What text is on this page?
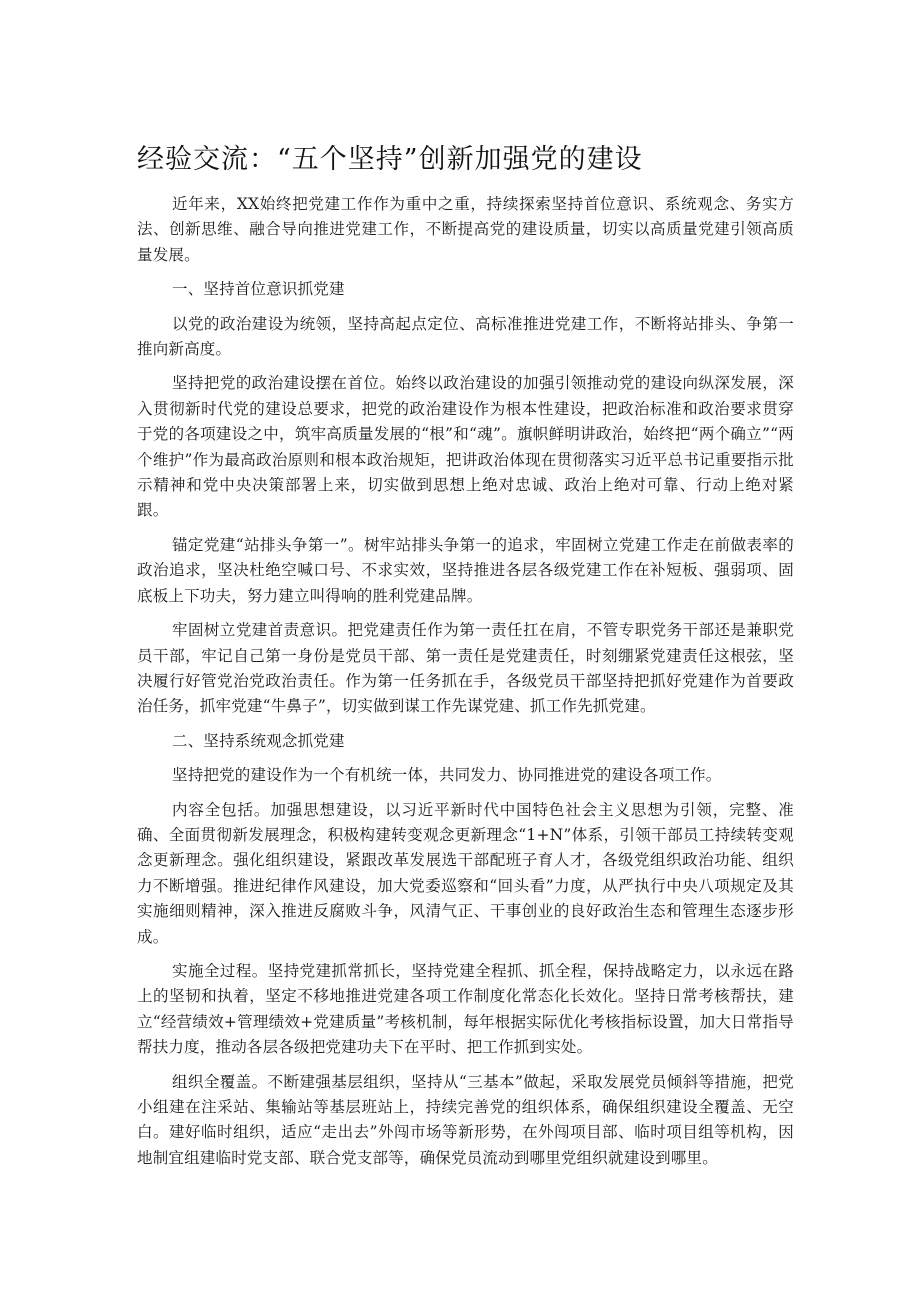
经验交流：“五个坚持”创新加强党的建设

近年来，XX始终把党建工作作为重中之重，持续探索坚持首位意识、系统观念、务实方法、创新思维、融合导向推进党建工作，不断提高党的建设质量，切实以高质量党建引领高质量发展。

一、坚持首位意识抓党建

以党的政治建设为统领，坚持高起点定位、高标准推进党建工作，不断将站排头、争第一推向新高度。

坚持把党的政治建设摆在首位。始终以政治建设的加强引领推动党的建设向纵深发展，深入贯彻新时代党的建设总要求，把党的政治建设作为根本性建设，把政治标准和政治要求贯穿于党的各项建设之中，筑牢高质量发展的“根”和“魂”。旗帜鲜明讲政治，始终把“两个确立”“两个维护”作为最高政治原则和根本政治规矩，把讲政治体现在贯彻落实习近平总书记重要指示批示精神和党中央决策部署上来，切实做到思想上绝对忠诚、政治上绝对可靠、行动上绝对紧跟。

锚定党建“站排头争第一”。树牢站排头争第一的追求，牢固树立党建工作走在前做表率的政治追求，坚决杜绝空喊口号、不求实效，坚持推进各层各级党建工作在补短板、强弱项、固底板上下功夫，努力建立叫得响的胜利党建品牌。

牢固树立党建首责意识。把党建责任作为第一责任扛在肩，不管专职党务干部还是兼职党员干部，牢记自己第一身份是党员干部、第一责任是党建责任，时刻绷紧党建责任这根弦，坚决履行好管党治党政治责任。作为第一任务抓在手，各级党员干部坚持把抓好党建作为首要政治任务，抓牢党建“牛鼻子”，切实做到谋工作先谋党建、抓工作先抓党建。

二、坚持系统观念抓党建

坚持把党的建设作为一个有机统一体，共同发力、协同推进党的建设各项工作。

内容全包括。加强思想建设，以习近平新时代中国特色社会主义思想为引领，完整、准确、全面贯彻新发展理念，积极构建转变观念更新理念“1+N”体系，引领干部员工持续转变观念更新理念。强化组织建设，紧跟改革发展选干部配班子育人才，各级党组织政治功能、组织力不断增强。推进纪律作风建设，加大党委巡察和“回头看”力度，从严执行中央八项规定及其实施细则精神，深入推进反腐败斗争，风清气正、干事创业的良好政治生态和管理生态逐步形成。

实施全过程。坚持党建抓常抓长，坚持党建全程抓、抓全程，保持战略定力，以永远在路上的坚韧和执着，坚定不移地推进党建各项工作制度化常态化长效化。坚持日常考核帮扶，建立“经营绩效+管理绩效+党建质量”考核机制，每年根据实际优化考核指标设置，加大日常指导帮扶力度，推动各层各级把党建功夫下在平时、把工作抓到实处。

组织全覆盖。不断建强基层组织，坚持从“三基本”做起，采取发展党员倾斜等措施，把党小组建在注采站、集输站等基层班站上，持续完善党的组织体系，确保组织建设全覆盖、无空白。建好临时组织，适应“走出去”外闯市场等新形势，在外闯项目部、临时项目组等机构，因地制宜组建临时党支部、联合党支部等，确保党员流动到哪里党组织就建设到哪里。
